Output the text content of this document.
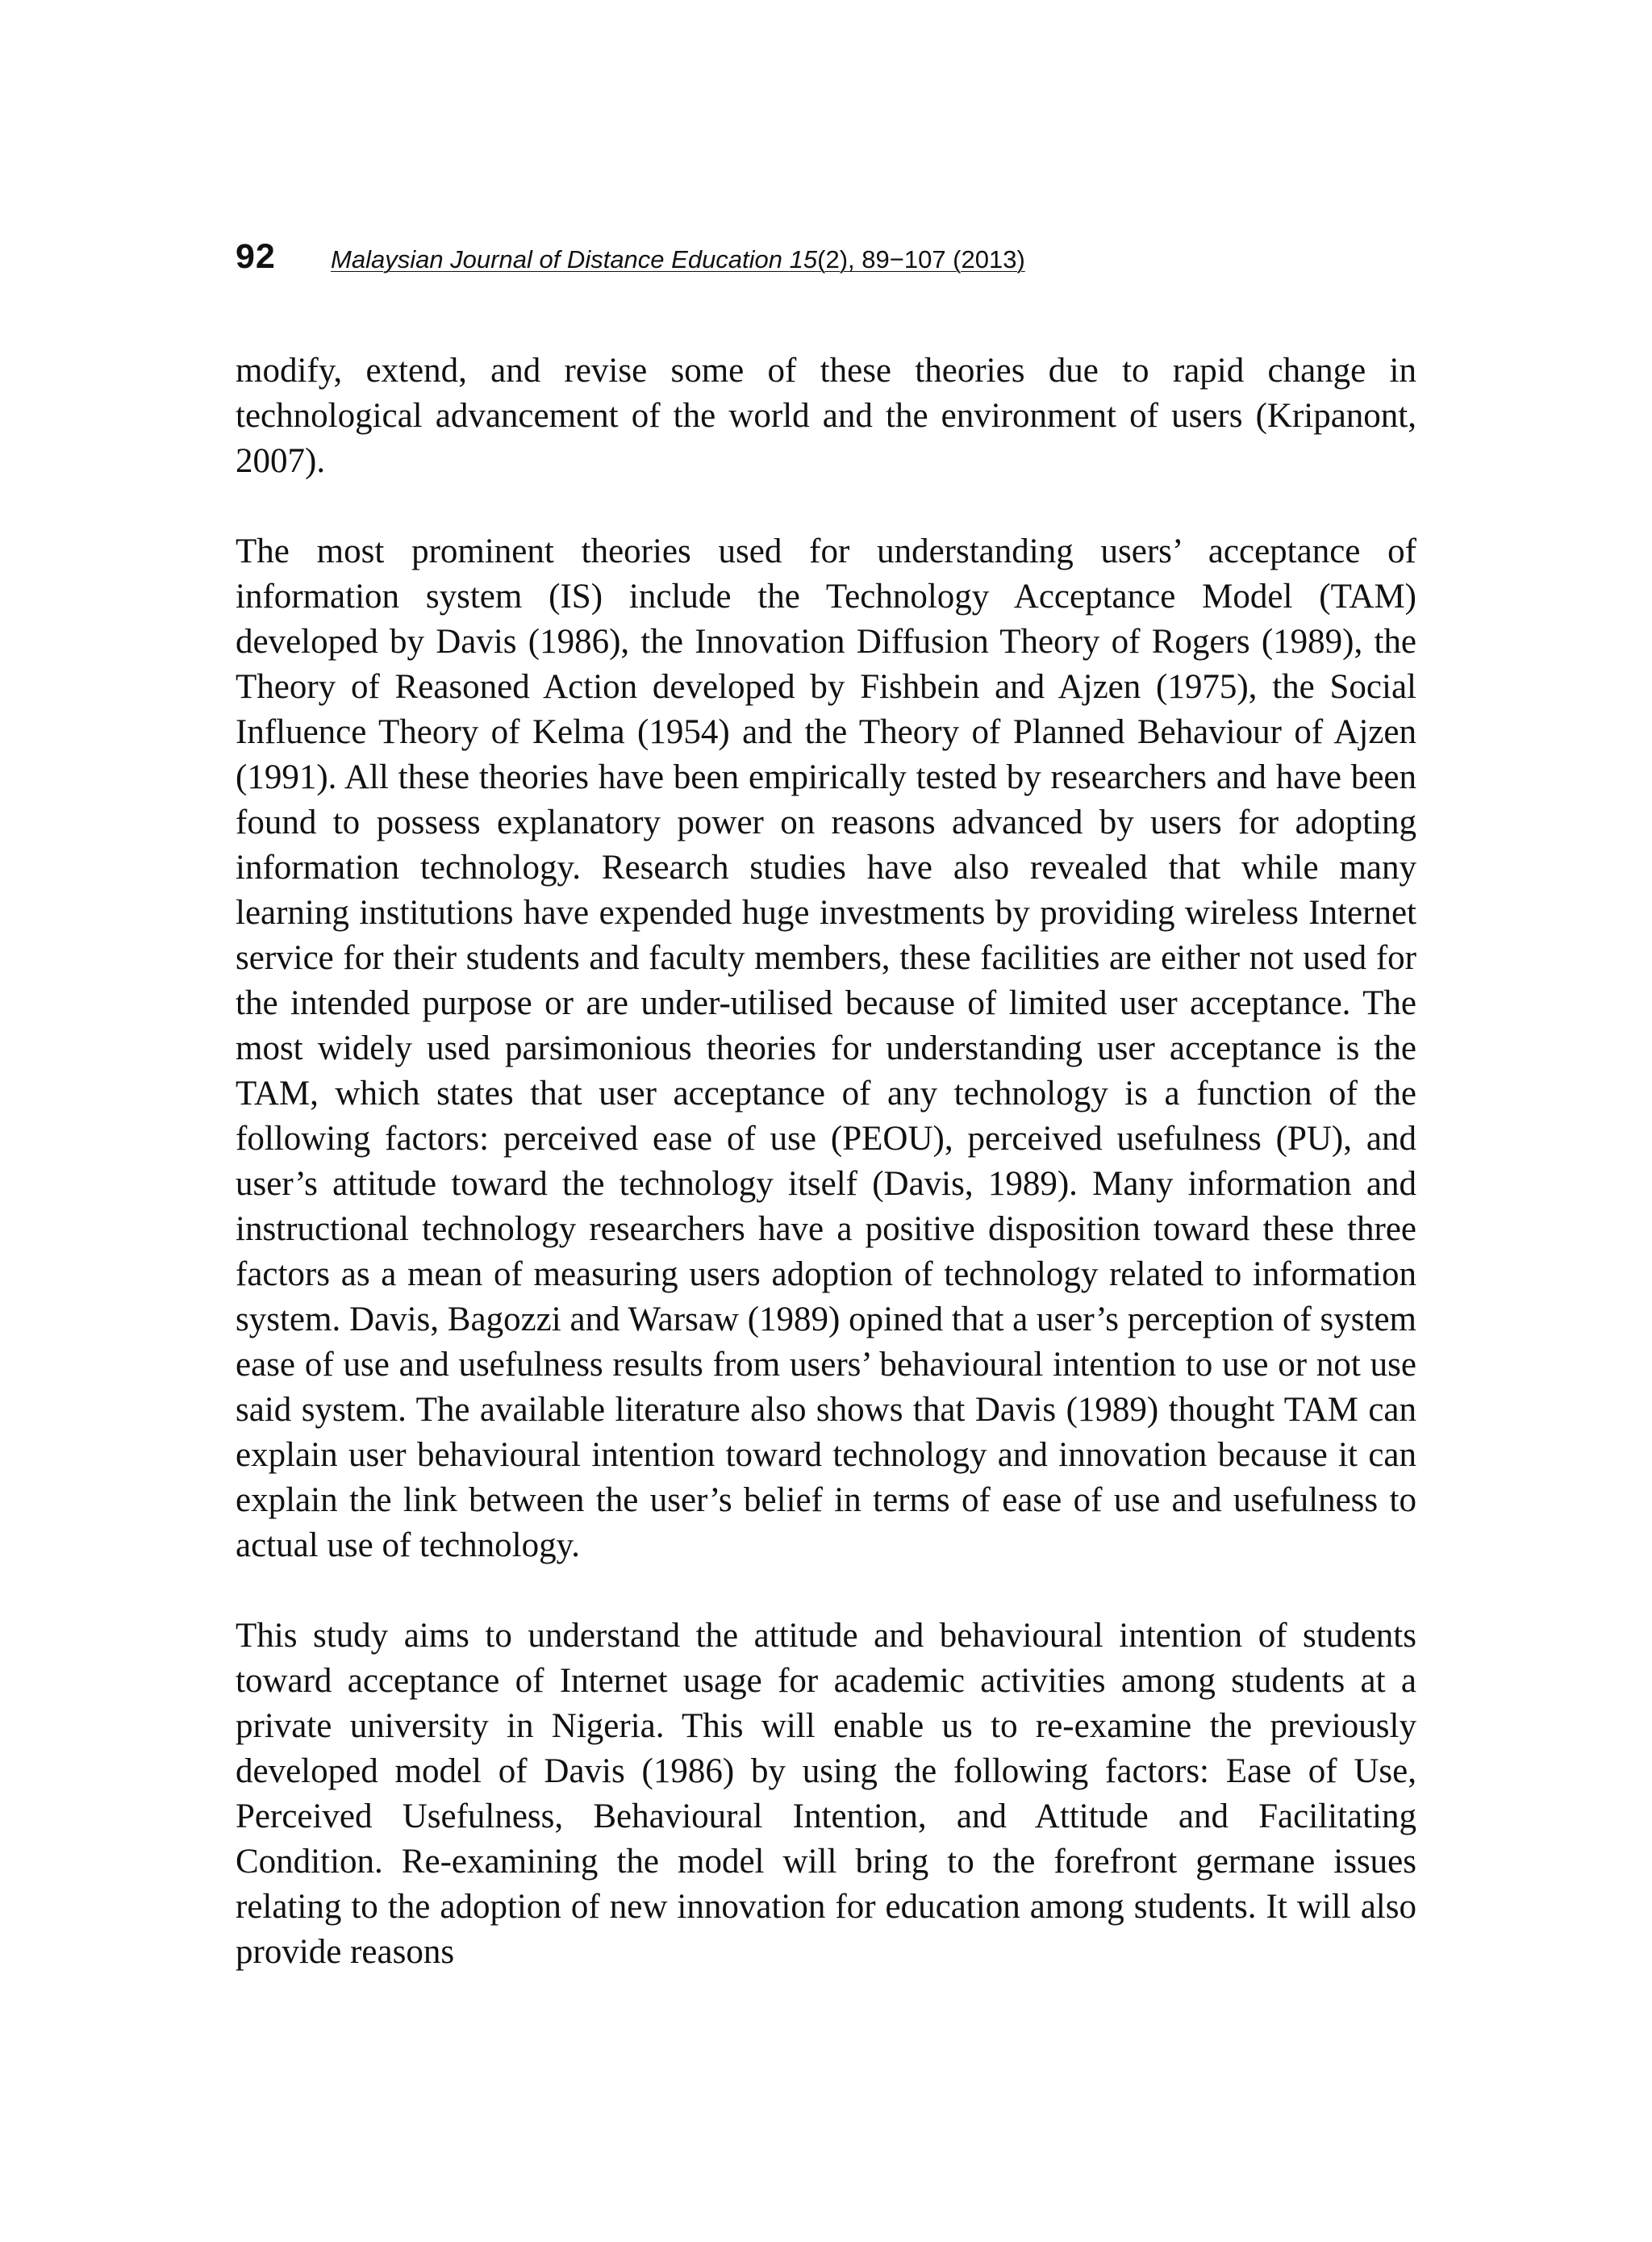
92	Malaysian Journal of Distance Education 15(2), 89−107 (2013)

modify, extend, and revise some of these theories due to rapid change in technological advancement of the world and the environment of users (Kripanont, 2007).

The most prominent theories used for understanding users’ acceptance of information system (IS) include the Technology Acceptance Model (TAM) developed by Davis (1986), the Innovation Diffusion Theory of Rogers (1989), the Theory of Reasoned Action developed by Fishbein and Ajzen (1975), the Social Influence Theory of Kelma (1954) and the Theory of Planned Behaviour of Ajzen (1991). All these theories have been empirically tested by researchers and have been found to possess explanatory power on reasons advanced by users for adopting information technology. Research studies have also revealed that while many learning institutions have expended huge investments by providing wireless Internet service for their students and faculty members, these facilities are either not used for the intended purpose or are under-utilised because of limited user acceptance. The most widely used parsimonious theories for understanding user acceptance is the TAM, which states that user acceptance of any technology is a function of the following factors: perceived ease of use (PEOU), perceived usefulness (PU), and user’s attitude toward the technology itself (Davis, 1989). Many information and instructional technology researchers have a positive disposition toward these three factors as a mean of measuring users adoption of technology related to information system. Davis, Bagozzi and Warsaw (1989) opined that a user’s perception of system ease of use and usefulness results from users’ behavioural intention to use or not use said system. The available literature also shows that Davis (1989) thought TAM can explain user behavioural intention toward technology and innovation because it can explain the link between the user’s belief in terms of ease of use and usefulness to actual use of technology.

This study aims to understand the attitude and behavioural intention of students toward acceptance of Internet usage for academic activities among students at a private university in Nigeria. This will enable us to re-examine the previously developed model of Davis (1986) by using the following factors: Ease of Use, Perceived Usefulness, Behavioural Intention, and Attitude and Facilitating Condition. Re-examining the model will bring to the forefront germane issues relating to the adoption of new innovation for education among students. It will also provide reasons
